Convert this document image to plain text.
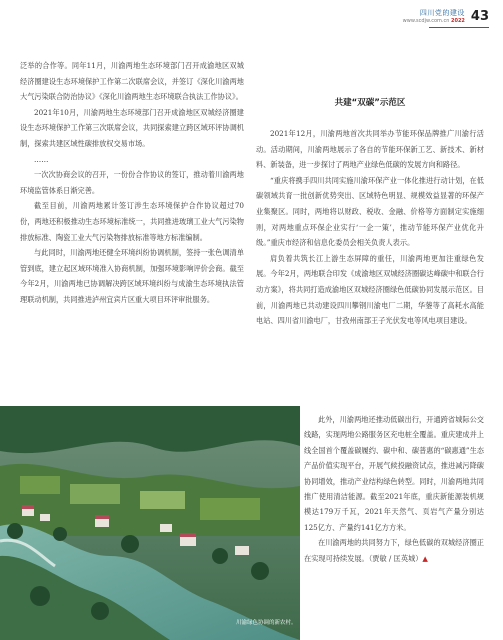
四川党的建设
www.scdjw.com.cn 2022 43

泛举的合作等。同年11月，川渝两地生态环境部门召开成渝地区双城经济圈建设生态环境保护工作第二次联席会议，并签订《深化川渝两地大气污染联合防治协议》《深化川渝两地生态环境联合执法工作协议》。

2021年10月，川渝两地生态环境部门召开成渝地区双城经济圈建设生态环境保护工作第三次联席会议，共同探索建立跨区域环评协调机制，探索共建区域性碳排放权交易市场。

……

一次次协商会议的召开，一份份合作协议的签订，推动着川渝两地环境监管体系日渐完善。

截至目前，川渝两地累计签订涉生态环境保护合作协议超过70份，两地还积极推动生态环境标准统一，共同推进玻璃工业大气污染物排放标准、陶瓷工业大气污染物排放标准等地方标准编制。

与此同时，川渝两地还健全环境纠纷协调机制，签持一张色调清单管到底，建立起区域环境准入协商机制，加强环境影响评价会商。截至今年2月，川渝两地已协调解决跨区域环境纠纷与成渝生态环境执法管理联动机制，共同推进泸州宜宾片区重大项目环评审批服务。

共建“双碳”示范区

2021年12月，川渝两地首次共同举办节能环保品牌推广川渝行活动。活动期间，川渝两地展示了各自的节能环保新工艺、新技术、新材料、新装备，进一步探讨了两地产业绿色低碳的发展方向和路径。

“重庆将携手四川共同实施川渝环保产业一体化推进行动计划，在低碳领域共育一批创新优势突出、区域特色明显、规模效益显著的环保产业集聚区。同时，两地将以财政、税收、金融、价格等方面制定实施细则，对两地重点环保企业实行‘一企一策’，推动节能环保产业优化升级。”重庆市经济和信息化委员会相关负责人表示。

肩负着共筑长江上游生态屏障的重任，川渝两地更加注重绿色发展。今年2月，两地联合印发《成渝地区双城经济圈碳达峰碳中和联合行动方案》，将共同打造成渝地区双城经济圈绿色低碳协同发展示范区。目前，川渝两地已共动建设四川攀钢川渝电厂二期，华蓥等了高耗水高能电站、四川省川渝电厂，甘孜州南部王子光伏发电等风电项目建设。

川渝绿色协调的新农村。

此外，川渝两地还推动低碳出行，开通跨省城际公交线路，实现两地公路服务区充电桩全覆盖。重庆建成并上线全国首个覆盖碳履约、碳中和、碳普惠的“碳惠通”生态产品价值实现平台，开展气候投融资试点，推进减污降碳协同增效，推动产业结构绿色转型。同时，川渝两地共同推广使用清洁能源。截至2021年底，重庆新能源装机规模达179万千瓦，2021年天然气、页岩气产量分别达125亿方、产量约141亿方方米。

在川渝两地的共同努力下，绿色低碳的双城经济圈正在实现可持续发展。（贾敏 / 匡英城）▲
